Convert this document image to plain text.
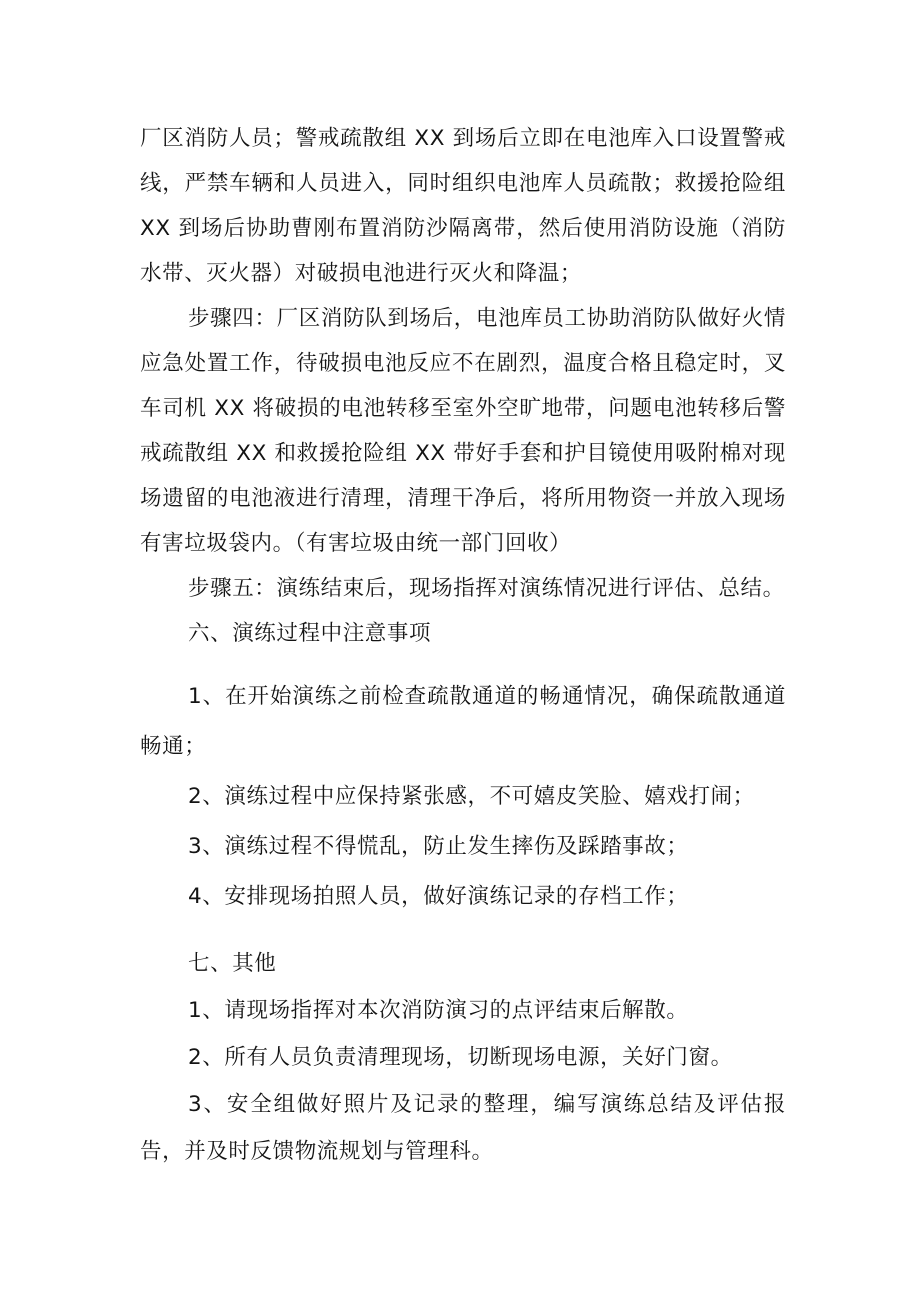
厂区消防人员；警戒疏散组 XX 到场后立即在电池库入口设置警戒线，严禁车辆和人员进入，同时组织电池库人员疏散；救援抢险组 XX 到场后协助曹刚布置消防沙隔离带，然后使用消防设施（消防水带、灭火器）对破损电池进行灭火和降温；

步骤四：厂区消防队到场后，电池库员工协助消防队做好火情应急处置工作，待破损电池反应不在剧烈，温度合格且稳定时，叉车司机 XX 将破损的电池转移至室外空旷地带，问题电池转移后警戒疏散组 XX 和救援抢险组 XX 带好手套和护目镜使用吸附棉对现场遗留的电池液进行清理，清理干净后，将所用物资一并放入现场有害垃圾袋内。（有害垃圾由统一部门回收）

步骤五：演练结束后，现场指挥对演练情况进行评估、总结。

六、演练过程中注意事项

1、在开始演练之前检查疏散通道的畅通情况，确保疏散通道畅通；

2、演练过程中应保持紧张感，不可嬉皮笑脸、嬉戏打闹；

3、演练过程不得慌乱，防止发生摔伤及踩踏事故；

4、安排现场拍照人员，做好演练记录的存档工作；

七、其他

1、请现场指挥对本次消防演习的点评结束后解散。

2、所有人员负责清理现场，切断现场电源，关好门窗。

3、安全组做好照片及记录的整理，编写演练总结及评估报告，并及时反馈物流规划与管理科。
